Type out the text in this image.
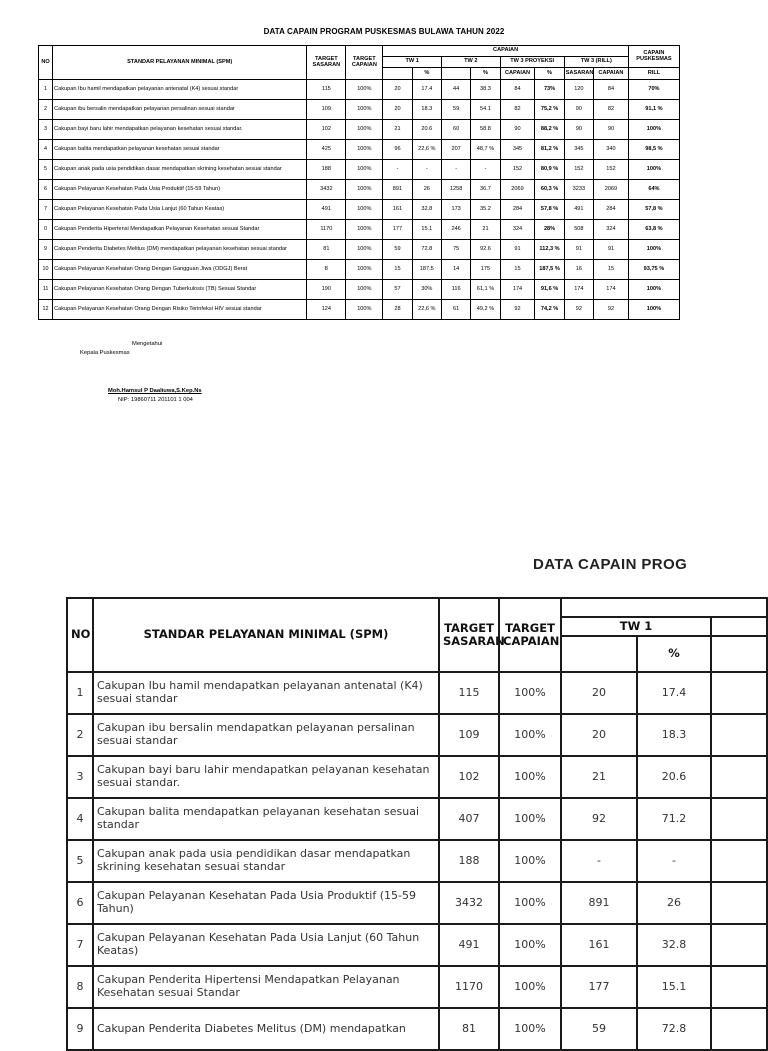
DATA CAPAIN PROGRAM PUSKESMAS BULAWA TAHUN 2022
NO	STANDAR PELAYANAN MINIMAL (SPM)	TARGET SASARAN	TARGET CAPAIAN	CAPAIAN								CAPAIN PUSKESMAS
				TW 1		TW 2		TW 3 PROYEKSI		TW 3 (RILL)		
					%		%	CAPAIAN	%	SASARAN	CAPAIAN	RILL
1	Cakupan Ibu hamil mendapatkan pelayanan antenatal (K4) sesuai standar	115	100%	20	17.4	44	38.3	84	73%	120	84	70%
2	Cakupan ibu bersalin mendapatkan pelayanan persalinan sesuai standar	109	100%	20	18.3	59	54.1	82	75,2 %	90	82	91,1 %
3	Cakupan bayi baru lahir mendapatkan pelayanan kesehatan sesuai standar.	102	100%	21	20.6	60	58.8	90	88,2 %	90	90	100%
4	Cakupan balita mendapatkan pelayanan kesehatan sesuai standar	425	100%	96	22,6 %	207	48,7 %	345	81,2 %	345	340	98,5 %
5	Cakupan anak pada usia pendidikan dasar mendapatkan skrining kesehatan sesuai standar	188	100%	-	-	-	-	152	80,9 %	152	152	100%
6	Cakupan Pelayanan Kesehatan Pada Usia Produktif (15-59 Tahun)	3432	100%	891	26	1258	36.7	2069	60,3 %	3233	2069	64%
7	Cakupan Pelayanan Kesehatan Pada Usia Lanjut (60 Tahun Keatas)	491	100%	161	32.8	173	35.2	284	57,8 %	491	284	57,8 %
0	Cakupan Penderita Hipertensi Mendapatkan Pelayanan Kesehatan sesuai Standar	1170	100%	177	15.1	246	21	324	28%	508	324	63,8 %
9	Cakupan Penderita Diabetes Melitus (DM) mendapatkan pelayanan kesehatan sesuai standar	81	100%	59	72.8	75	92.6	91	112,3 %	91	91	100%
10	Cakupan Pelayanan Kesehatan Orang Dengan Gangguan Jiwa (ODGJ) Berat	8	100%	15	187.5	14	175	15	187,5 %	16	15	93,75 %
11	Cakupan Pelayanan Kesehatan Orang Dengan Tuberkulosis (TB) Sesuai Standar	190	100%	57	30%	116	61,1 %	174	91,6 %	174	174	100%
12	Cakupan Pelayanan Kesehatan Orang Dengan Risiko Terinfeksi HIV sesuai standar	124	100%	28	22,6 %	61	49,2 %	92	74,2 %	92	92	100%
Mengetahui
Kepala Puskesmas
Moh.Hamsul P Daaliuwa,S.Kep.Ns
NIP: 19860711 201101 1 004
DATA CAPAIN PROG
NO	STANDAR PELAYANAN MINIMAL (SPM)	TARGET SASARAN	TARGET CAPAIAN			
				TW 1		
					%	
1	Cakupan Ibu hamil mendapatkan pelayanan antenatal (K4) sesuai standar	115	100%	20	17.4	
2	Cakupan ibu bersalin mendapatkan pelayanan persalinan sesuai standar	109	100%	20	18.3	
3	Cakupan bayi baru lahir mendapatkan pelayanan kesehatan sesuai standar.	102	100%	21	20.6	
4	Cakupan balita mendapatkan pelayanan kesehatan sesuai standar	407	100%	92	71.2	
5	Cakupan anak pada usia pendidikan dasar mendapatkan skrining kesehatan sesuai standar	188	100%	-	-	
6	Cakupan Pelayanan Kesehatan Pada Usia Produktif (15-59 Tahun)	3432	100%	891	26	
7	Cakupan Pelayanan Kesehatan Pada Usia Lanjut (60 Tahun Keatas)	491	100%	161	32.8	
8	Cakupan Penderita Hipertensi Mendapatkan Pelayanan Kesehatan sesuai Standar	1170	100%	177	15.1	
9	Cakupan Penderita Diabetes Melitus (DM) mendapatkan	81	100%	59	72.8	
